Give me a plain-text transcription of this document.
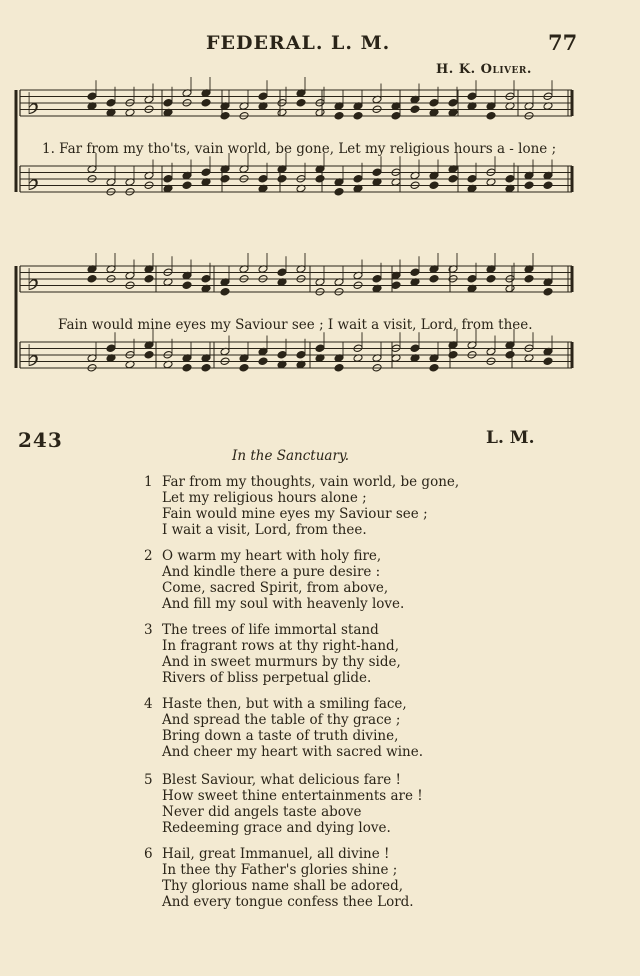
FEDERAL. L. M.	77
H. K. Oliver.
♭
♭
♭
♭
1. Far from my tho'ts, vain world, be gone, Let my religious hours a - lone ;
Fain would mine eyes my Saviour see ; I wait a visit, Lord, from thee.
243	L. M.
In the Sanctuary.
1 Far from my thoughts, vain world, be gone,
Let my religious hours alone ;
Fain would mine eyes my Saviour see ;
I wait a visit, Lord, from thee.
2 O warm my heart with holy fire,
And kindle there a pure desire :
Come, sacred Spirit, from above,
And fill my soul with heavenly love.
3 The trees of life immortal stand
In fragrant rows at thy right-hand,
And in sweet murmurs by thy side,
Rivers of bliss perpetual glide.
4 Haste then, but with a smiling face,
And spread the table of thy grace ;
Bring down a taste of truth divine,
And cheer my heart with sacred wine.
5 Blest Saviour, what delicious fare !
How sweet thine entertainments are !
Never did angels taste above
Redeeming grace and dying love.
6 Hail, great Immanuel, all divine !
In thee thy Father's glories shine ;
Thy glorious name shall be adored,
And every tongue confess thee Lord.
